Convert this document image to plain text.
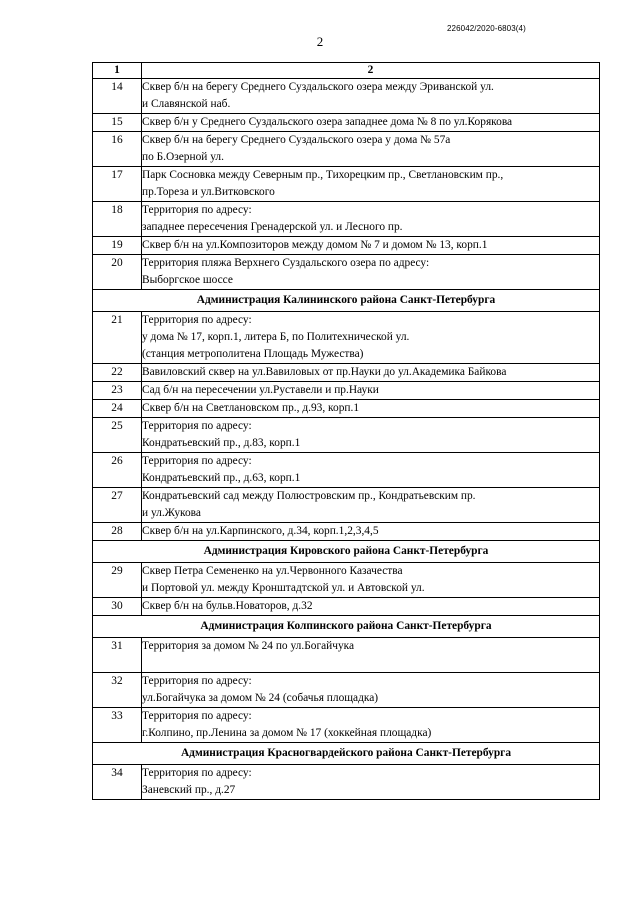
226042/2020-6803(4)
2
1	2
14	Сквер б/н на берегу Среднего Суздальского озера между Эриванской ул.
и Славянской наб.

15	Сквер б/н у Среднего Суздальского озера западнее дома № 8 по ул.Корякова

16	Сквер б/н на берегу Среднего Суздальского озера у дома № 57а
по Б.Озерной ул.

17	Парк Сосновка между Северным пр., Тихорецким пр., Светлановским пр.,
пр.Тореза и ул.Витковского

18	Территория по адресу:
западнее пересечения Гренадерской ул. и Лесного пр.

19	Сквер б/н на ул.Композиторов между домом № 7 и домом № 13, корп.1

20	Территория пляжа Верхнего Суздальского озера по адресу:
Выборгское шоссе

Администрация Калининского района Санкт-Петербурга	
21	Территория по адресу:
у дома № 17, корп.1, литера Б, по Политехнической ул.
(станция метрополитена Площадь Мужества)

22	Вавиловский сквер на ул.Вавиловых от пр.Науки до ул.Академика Байкова

23	Сад б/н на пересечении ул.Руставели и пр.Науки

24	Сквер б/н на Светлановском пр., д.93, корп.1

25	Территория по адресу:
Кондратьевский пр., д.83, корп.1

26	Территория по адресу:
Кондратьевский пр., д.63, корп.1

27	Кондратьевский сад между Полюстровским пр., Кондратьевским пр.
и ул.Жукова

28	Сквер б/н на ул.Карпинского, д.34, корп.1,2,3,4,5

Администрация Кировского района Санкт-Петербурга	
29	Сквер Петра Семененко на ул.Червонного Казачества
и Портовой ул. между Кронштадтской ул. и Автовской ул.

30	Сквер б/н на бульв.Новаторов, д.32

Администрация Колпинского района Санкт-Петербурга	
31	Территория за домом № 24 по ул.Богайчука

32	Территория по адресу:
ул.Богайчука за домом № 24 (собачья площадка)

33	Территория по адресу:
г.Колпино, пр.Ленина за домом № 17 (хоккейная площадка)

Администрация Красногвардейского района Санкт-Петербурга	
34	Территория по адресу:
Заневский пр., д.27
